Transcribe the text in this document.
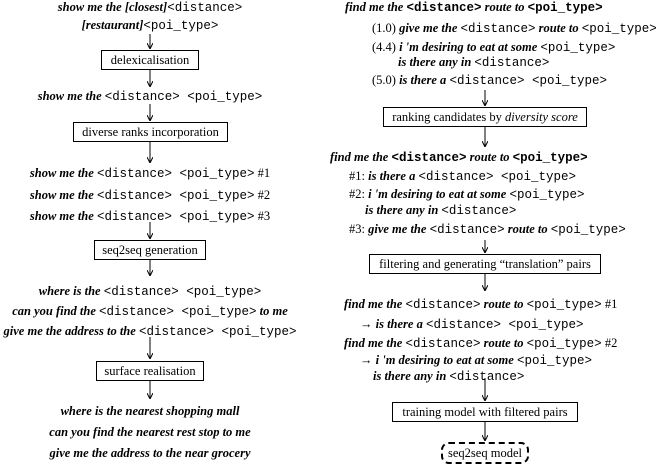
show me the [closest]<distance>
[restaurant]<poi_type>
delexicalisation
show me the <distance> <poi_type>
diverse ranks incorporation
show me the <distance> <poi_type> #1
show me the <distance> <poi_type> #2
show me the <distance> <poi_type> #3
seq2seq generation
where is the <distance> <poi_type>
can you find the <distance> <poi_type> to me
give me the address to the <distance> <poi_type>
surface realisation
where is the nearest shopping mall
can you find the nearest rest stop to me
give me the address to the near grocery
find me the <distance> route to <poi_type>
(1.0) give me the <distance> route to <poi_type>
(4.4) i 'm desiring to eat at some <poi_type>
is there any in <distance>
(5.0) is there a <distance> <poi_type>
ranking candidates by diversity score
find me the <distance> route to <poi_type>
#1: is there a <distance> <poi_type>
#2: i 'm desiring to eat at some <poi_type>
is there any in <distance>
#3: give me the <distance> route to <poi_type>
filtering and generating “translation” pairs
find me the <distance> route to <poi_type> #1
→ is there a <distance> <poi_type>
find me the <distance> route to <poi_type> #2
→ i 'm desiring to eat at some <poi_type>
is there any in <distance>
training model with filtered pairs
seq2seq model
